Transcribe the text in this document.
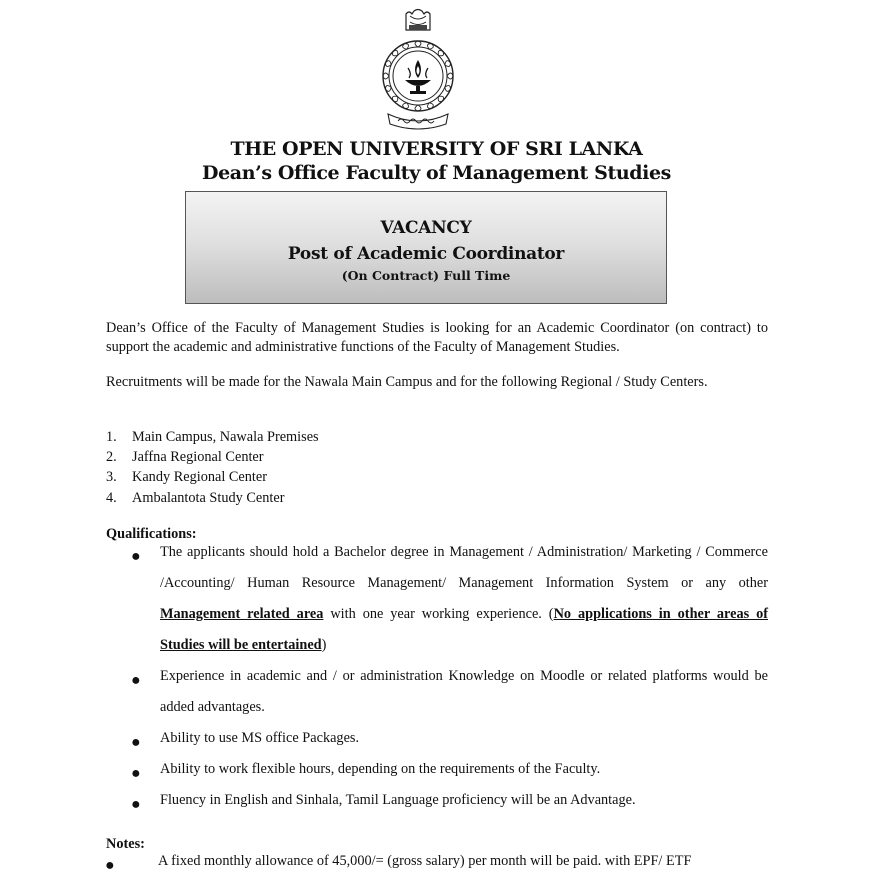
THE OPEN UNIVERSITY OF SRI LANKA
Dean’s Office Faculty of Management Studies
VACANCY
Post of Academic Coordinator
(On Contract) Full Time
Dean’s Office of the Faculty of Management Studies is looking for an Academic Coordinator (on contract) to support the academic and administrative functions of the Faculty of Management Studies.
Recruitments will be made for the Nawala Main Campus and for the following Regional / Study Centers.
1. Main Campus, Nawala Premises
2. Jaffna Regional Center
3. Kandy Regional Center
4. Ambalantota Study Center
Qualifications:
● The applicants should hold a Bachelor degree in Management / Administration/ Marketing / Commerce /Accounting/ Human Resource Management/ Management Information System or any other Management related area with one year working experience. (No applications in other areas of Studies will be entertained)
● Experience in academic and / or administration Knowledge on Moodle or related platforms would be added advantages.
● Ability to use MS office Packages.
● Ability to work flexible hours, depending on the requirements of the Faculty.
● Fluency in English and Sinhala, Tamil Language proficiency will be an Advantage.
Notes:
●	A fixed monthly allowance of 45,000/= (gross salary) per month will be paid. with EPF/ ETF
